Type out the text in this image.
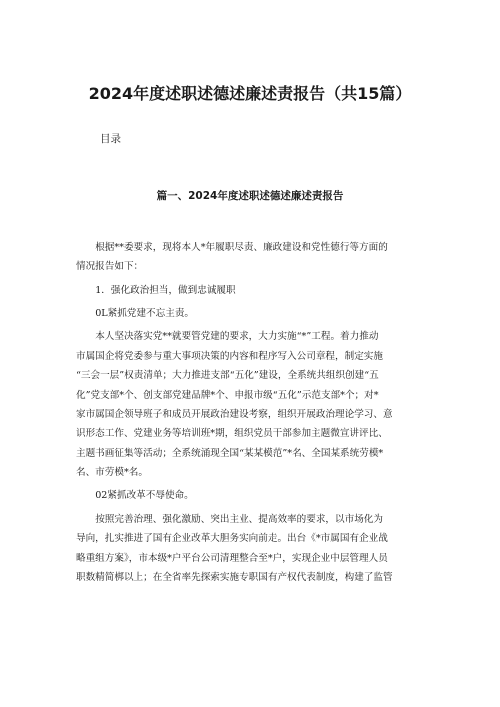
2024年度述职述德述廉述责报告（共15篇）
目录
篇一、2024年度述职述德述廉述责报告

根据**委要求，现将本人*年履职尽责、廉政建设和党性德行等方面的
情况报告如下：

1．强化政治担当，做到忠诚履职

0L紧抓党建不忘主责。

本人坚决落实党**就要管党建的要求，大力实施“*”工程。着力推动
市属国企将党委参与重大事项决策的内容和程序写入公司章程，制定实施
“三会一层”权责清单；大力推进支部“五化”建设，全系统共组织创建“五
化”党支部*个、创支部党建品牌*个、申报市级“五化”示范支部*个；对*
家市属国企领导班子和成员开展政治建设考察，组织开展政治理论学习、意
识形态工作、党建业务等培训班*期，组织党员干部参加主题微宣讲评比、
主题书画征集等活动；全系统涌现全国“某某模范”*名、全国某系统劳模*
名、市劳模*名。

02紧抓改革不辱使命。

按照完善治理、强化激励、突出主业、提高效率的要求，以市场化为
导向，扎实推进了国有企业改革大胆务实向前走。出台《*市属国有企业战
略重组方案》，市本级*户平台公司清理整合至*户，实现企业中层管理人员
职数精简梆以上；在全省率先探索实施专职国有产权代表制度，构建了监管
